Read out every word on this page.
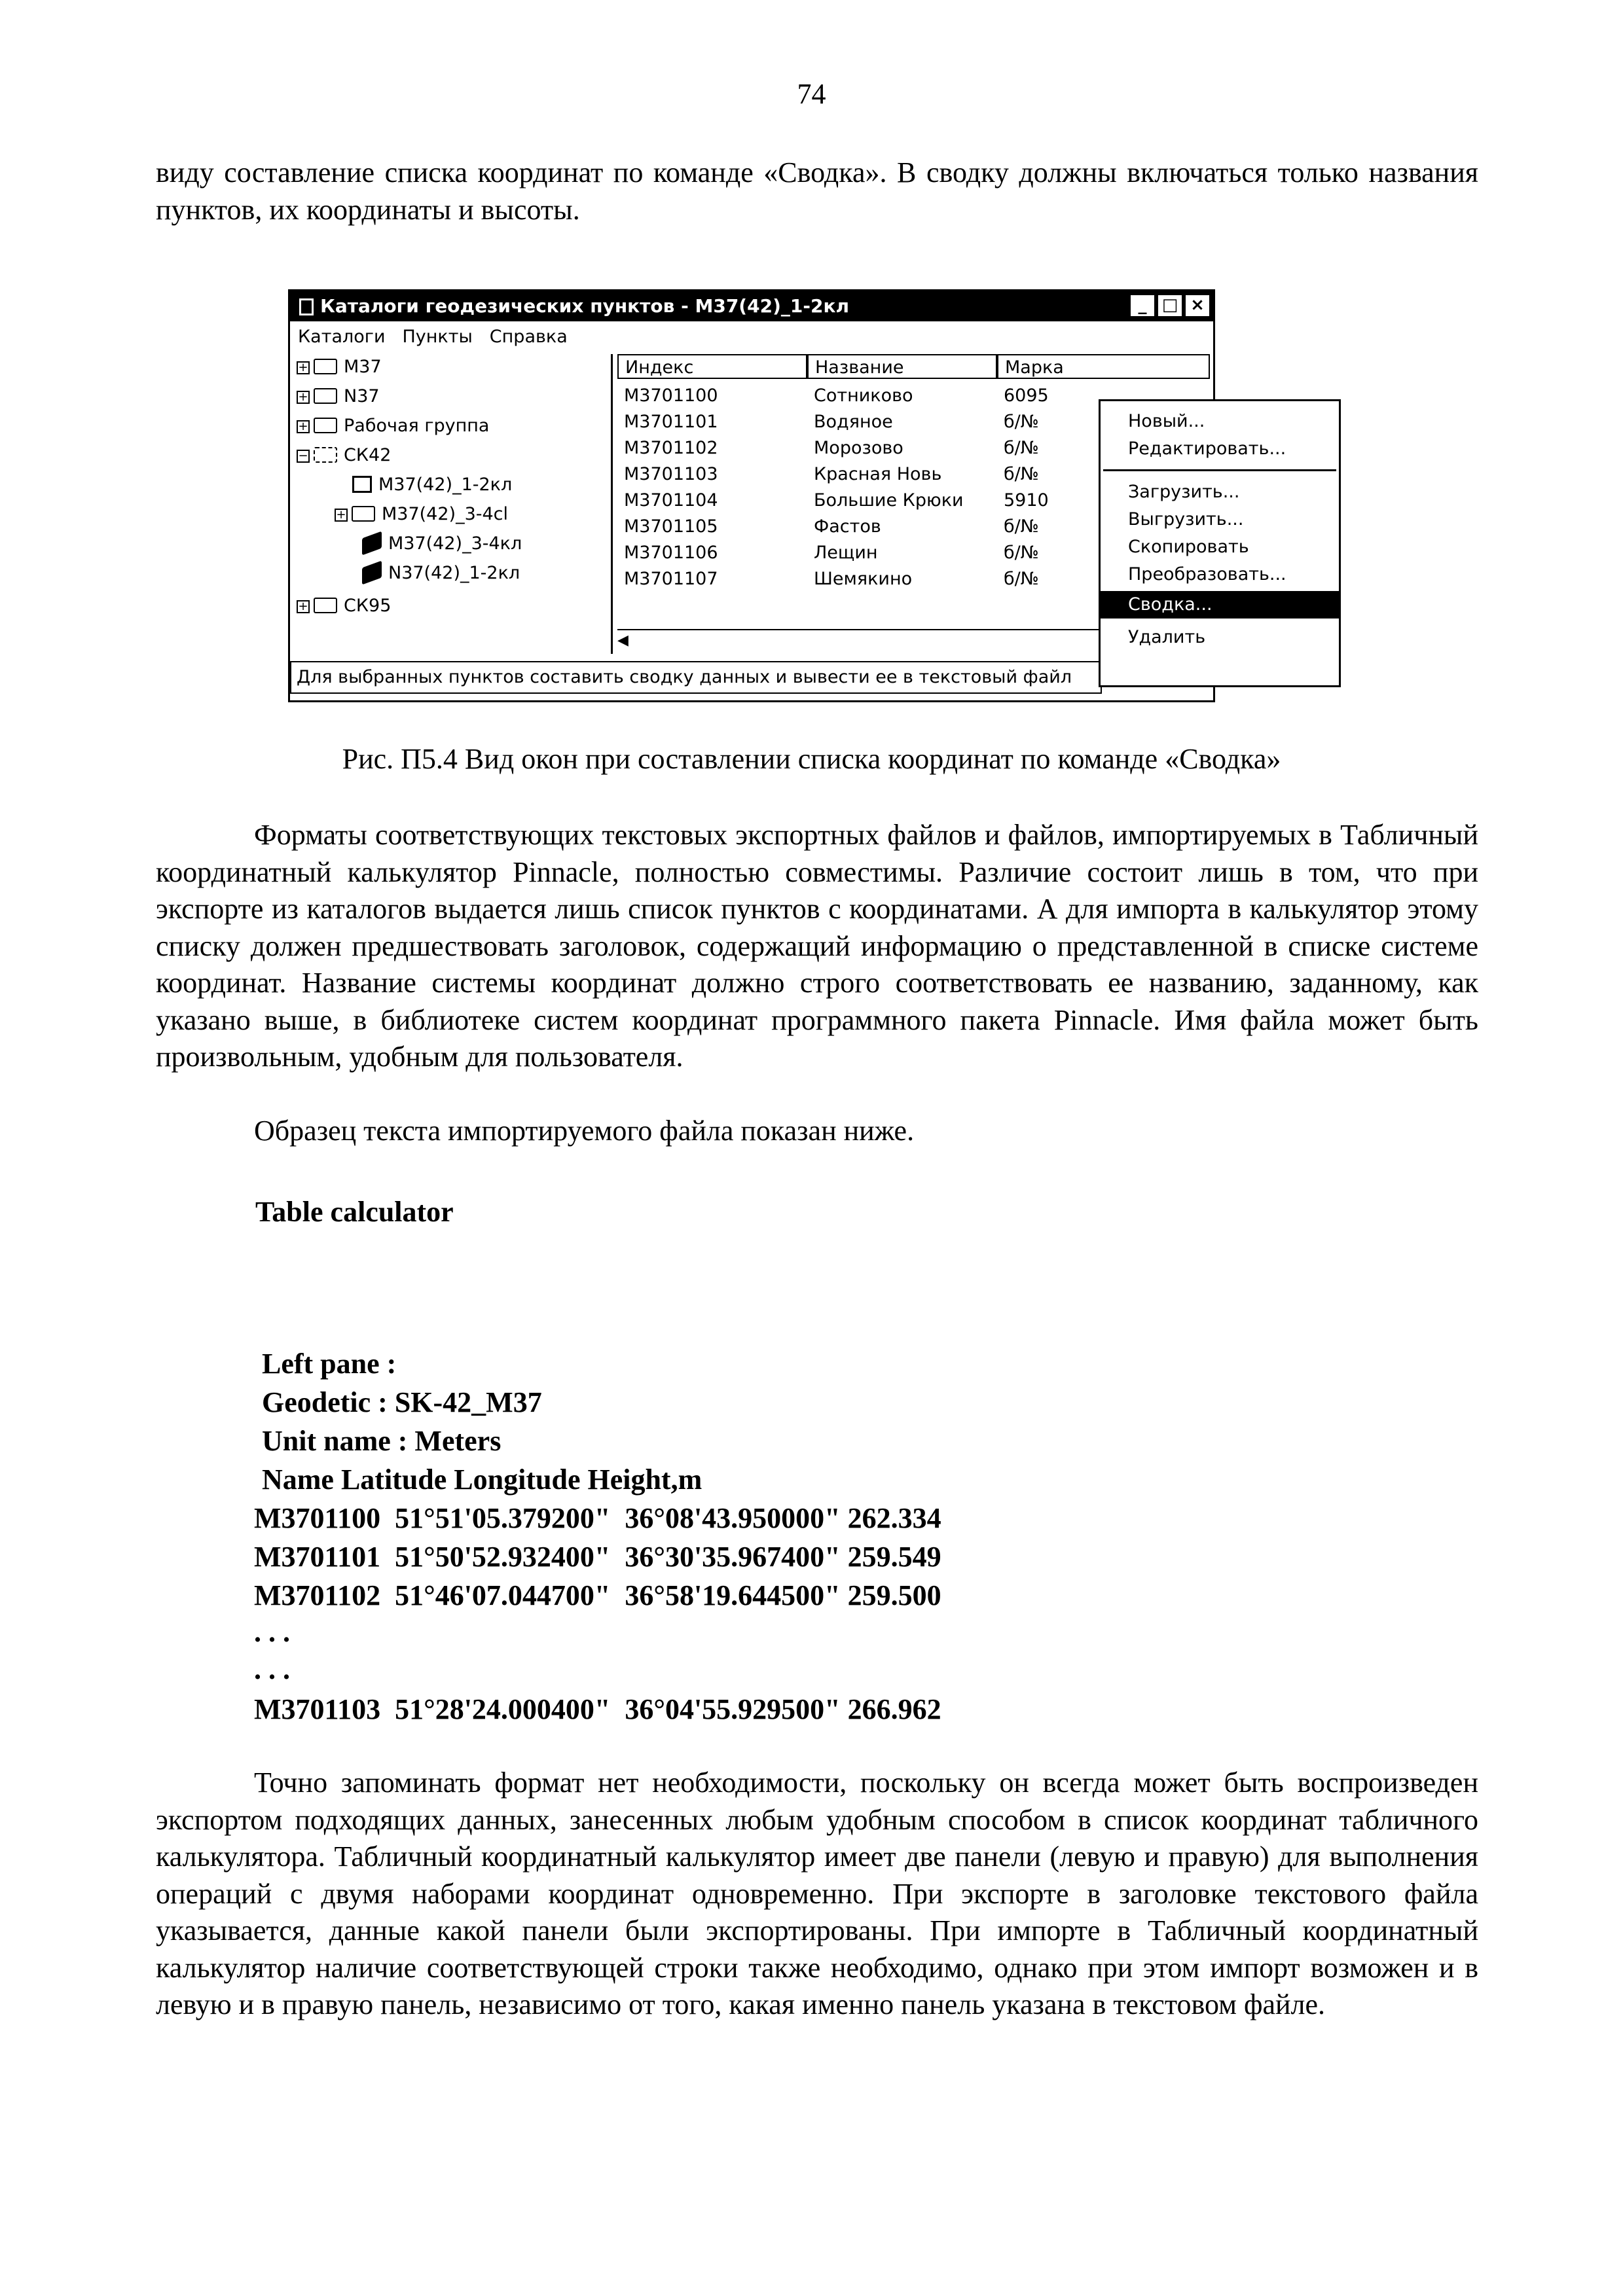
74

виду составление списка координат по команде «Сводка». В сводку должны включаться только названия пунктов, их координаты и высоты.

Каталоги геодезических пунктов - M37(42)_1-2кл	_ □ ×
Каталоги Пункты Справка
+ M37
+ N37
+ Рабочая группа
− СК42
M37(42)_1-2кл
+ M37(42)_3-4cl
M37(42)_3-4кл
N37(42)_1-2кл
+ СК95
Индекс	Название	Марка
M3701100	Сотниково	6095
M3701101	Водяное	б/№
M3701102	Морозово	б/№
M3701103	Красная Новь	б/№
M3701104	Большие Крюки 5910
M3701105	Фастов	б/№
M3701106	Лещин	б/№
M3701107	Шемякино	б/№
◀
Для выбранных пунктов составить сводку данных и вывести ее в текстовый файл
Новый...
Редактировать...
Загрузить...
Выгрузить...
Скопировать
Преобразовать...
Сводка...
Удалить
Рис. П5.4 Вид окон при составлении списка координат по команде «Сводка»

Форматы соответствующих текстовых экспортных файлов и файлов, импортируемых в Табличный координатный калькулятор Pinnacle, полностью совместимы. Различие состоит лишь в том, что при экспорте из каталогов выдается лишь список пунктов с координатами. А для импорта в калькулятор этому списку должен предшествовать заголовок, содержащий информацию о представленной в списке системе координат. Название системы координат должно строго соответствовать ее названию, заданному, как указано выше, в библиотеке систем координат программного пакета Pinnacle. Имя файла может быть произвольным, удобным для пользователя.

Образец текста импортируемого файла показан ниже.

Table calculator
Left pane :
Geodetic : SK-42_M37
Unit name : Meters
Name Latitude Longitude Height,m
M3701100  51°51'05.379200"  36°08'43.950000" 262.334
M3701101  51°50'52.932400"  36°30'35.967400" 259.549
M3701102  51°46'07.044700"  36°58'19.644500" 259.500
. . .
. . .
M3701103  51°28'24.000400"  36°04'55.929500" 266.962

Точно запоминать формат нет необходимости, поскольку он всегда может быть воспроизведен экспортом подходящих данных, занесенных любым удобным способом в список координат табличного калькулятора. Табличный координатный калькулятор имеет две панели (левую и правую) для выполнения операций с двумя наборами координат одновременно. При экспорте в заголовке текстового файла указывается, данные какой панели были экспортированы. При импорте в Табличный координатный калькулятор наличие соответствующей строки также необходимо, однако при этом импорт возможен и в левую и в правую панель, независимо от того, какая именно панель указана в текстовом файле.
